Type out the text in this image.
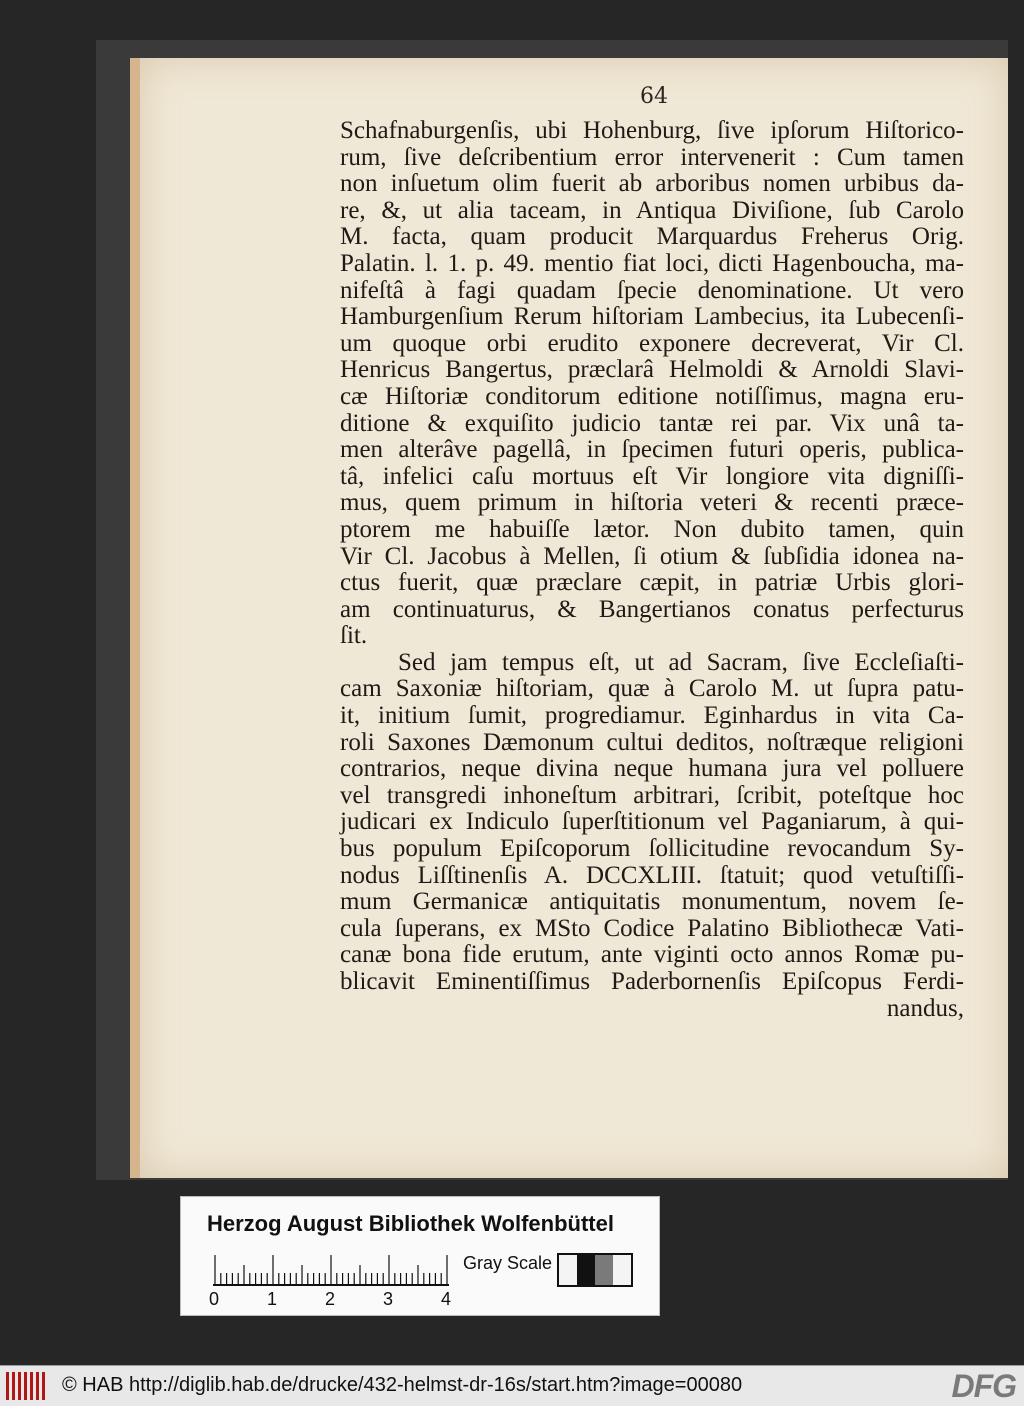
64

Schafnaburgenſis, ubi Hohenburg, ſive ipſorum Hiſtorico-
rum, ſive deſcribentium error intervenerit : Cum tamen
non inſuetum olim fuerit ab arboribus nomen urbibus da-
re, &, ut alia taceam, in Antiqua Diviſione, ſub Carolo
M. facta, quam producit Marquardus Freherus Orig.
Palatin. l. 1. p. 49. mentio fiat loci, dicti Hagenboucha, ma-
nifeſtâ à fagi quadam ſpecie denominatione. Ut vero
Hamburgenſium Rerum hiſtoriam Lambecius, ita Lubecenſi-
um quoque orbi erudito exponere decreverat, Vir Cl.
Henricus Bangertus, præclarâ Helmoldi & Arnoldi Slavi-
cæ Hiſtoriæ conditorum editione notiſſimus, magna eru-
ditione & exquiſito judicio tantæ rei par. Vix unâ ta-
men alterâve pagellâ, in ſpecimen futuri operis, publica-
tâ, infelici caſu mortuus eſt Vir longiore vita digniſſi-
mus, quem primum in hiſtoria veteri & recenti præce-
ptorem me habuiſſe lætor. Non dubito tamen, quin
Vir Cl. Jacobus à Mellen, ſi otium & ſubſidia idonea na-
ctus fuerit, quæ præclare cæpit, in patriæ Urbis glori-
am continuaturus, & Bangertianos conatus perfecturus
ſit.
Sed jam tempus eſt, ut ad Sacram, ſive Eccleſiaſti-
cam Saxoniæ hiſtoriam, quæ à Carolo M. ut ſupra patu-
it, initium ſumit, progrediamur. Eginhardus in vita Ca-
roli Saxones Dæmonum cultui deditos, noſtræque religioni
contrarios, neque divina neque humana jura vel polluere
vel transgredi inhoneſtum arbitrari, ſcribit, poteſtque hoc
judicari ex Indiculo ſuperſtitionum vel Paganiarum, à qui-
bus populum Epiſcoporum ſollicitudine revocandum Sy-
nodus Liſſtinenſis A. DCCXLIII. ſtatuit; quod vetuſtiſſi-
mum Germanicæ antiquitatis monumentum, novem ſe-
cula ſuperans, ex MSto Codice Palatino Bibliothecæ Vati-
canæ bona fide erutum, ante viginti octo annos Romæ pu-
blicavit Eminentiſſimus Paderbornenſis Epiſcopus Ferdi-
nandus,

Herzog August Bibliothek Wolfenbüttel

0	1	2	3	4
Gray Scale
© HAB http://diglib.hab.de/drucke/432-helmst-dr-16s/start.htm?image=00080	DFG
